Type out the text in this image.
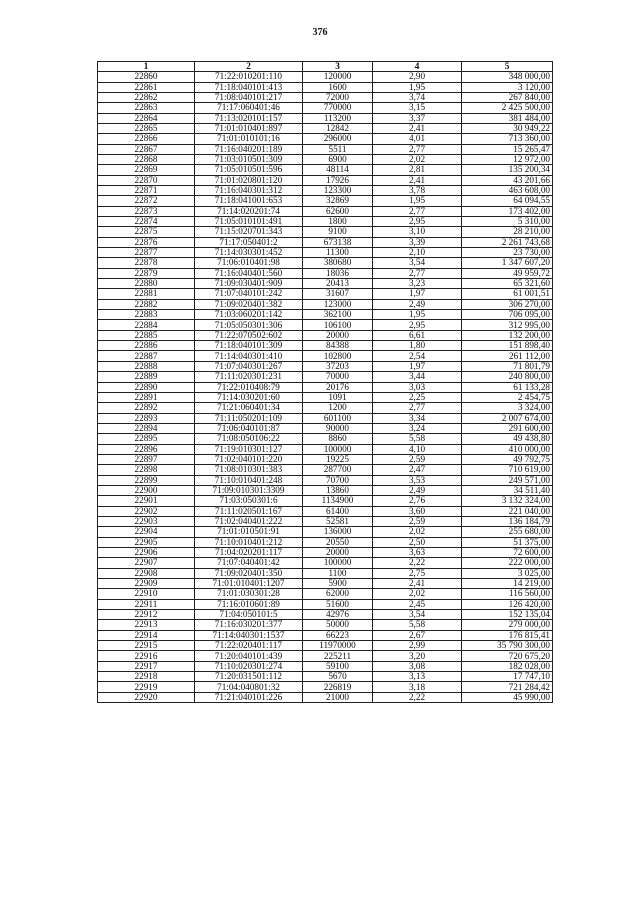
376
1	2	3	4	5
22860	71:22:010201:110	120000	2,90	348 000,00
22861	71:18:040101:413	1600	1,95	3 120,00
22862	71:08:040101:217	72000	3,74	267 840,00
22863	71:17:060401:46	770000	3,15	2 425 500,00
22864	71:13:020101:157	113200	3,37	381 484,00
22865	71:01:010401:897	12842	2,41	30 949,22
22866	71:01:010101:16	296000	4,01	713 360,00
22867	71:16:040201:189	5511	2,77	15 265,47
22868	71:03:010501:309	6900	2,02	12 972,00
22869	71:05:010501:596	48114	2,81	135 200,34
22870	71:01:020801:120	17926	2,41	43 201,66
22871	71:16:040301:312	123300	3,78	463 608,00
22872	71:18:041001:653	32869	1,95	64 094,55
22873	71:14:020201:74	62600	2,77	173 402,00
22874	71:05:010101:491	1800	2,95	5 310,00
22875	71:15:020701:343	9100	3,10	28 210,00
22876	71:17:050401:2	673138	3,39	2 261 743,68
22877	71:14:030301:452	11300	2,10	23 730,00
22878	71:06:010401:98	380680	3,54	1 347 607,20
22879	71:16:040401:560	18036	2,77	49 959,72
22880	71:09:030401:909	20413	3,23	65 321,60
22881	71:07:040101:242	31607	1,97	61 001,51
22882	71:09:020401:382	123000	2,49	306 270,00
22883	71:03:060201:142	362100	1,95	706 095,00
22884	71:05:050301:306	106100	2,95	312 995,00
22885	71:22:070502:602	20000	6,61	132 200,00
22886	71:18:040101:309	84388	1,80	151 898,40
22887	71:14:040301:410	102800	2,54	261 112,00
22888	71:07:040301:267	37203	1,97	71 801,79
22889	71:11:020301:231	70000	3,44	240 800,00
22890	71:22:010408:79	20176	3,03	61 133,28
22891	71:14:030201:60	1091	2,25	2 454,75
22892	71:21:060401:34	1200	2,77	3 324,00
22893	71:11:050201:109	601100	3,34	2 007 674,00
22894	71:06:040101:87	90000	3,24	291 600,00
22895	71:08:050106:22	8860	5,58	49 438,80
22896	71:19:010301:127	100000	4,10	410 000,00
22897	71:02:040101:220	19225	2,59	49 792,75
22898	71:08:010301:383	287700	2,47	710 619,00
22899	71:10:010401:248	70700	3,53	249 571,00
22900	71:09:010301:3309	13860	2,49	34 511,40
22901	71:03:050301:6	1134900	2,76	3 132 324,00
22902	71:11:020501:167	61400	3,60	221 040,00
22903	71:02:040401:222	52581	2,59	136 184,79
22904	71:01:010501:91	136000	2,02	255 680,00
22905	71:10:010401:212	20550	2,50	51 375,00
22906	71:04:020201:117	20000	3,63	72 600,00
22907	71:07:040401:42	100000	2,22	222 000,00
22908	71:09:020401:350	1100	2,75	3 025,00
22909	71:01:010401:1207	5900	2,41	14 219,00
22910	71:01:030301:28	62000	2,02	116 560,00
22911	71:16:010601:89	51600	2,45	126 420,00
22912	71:04:050101:5	42976	3,54	152 135,04
22913	71:16:030201:377	50000	5,58	279 000,00
22914	71:14:040301:1537	66223	2,67	176 815,41
22915	71:22:020401:117	11970000	2,99	35 790 300,00
22916	71:20:040101:439	225211	3,20	720 675,20
22917	71:10:020301:274	59100	3,08	182 028,00
22918	71:20:031501:112	5670	3,13	17 747,10
22919	71:04:040801:32	226819	3,18	721 284,42
22920	71:21:040101:226	21000	2,22	45 990,00
